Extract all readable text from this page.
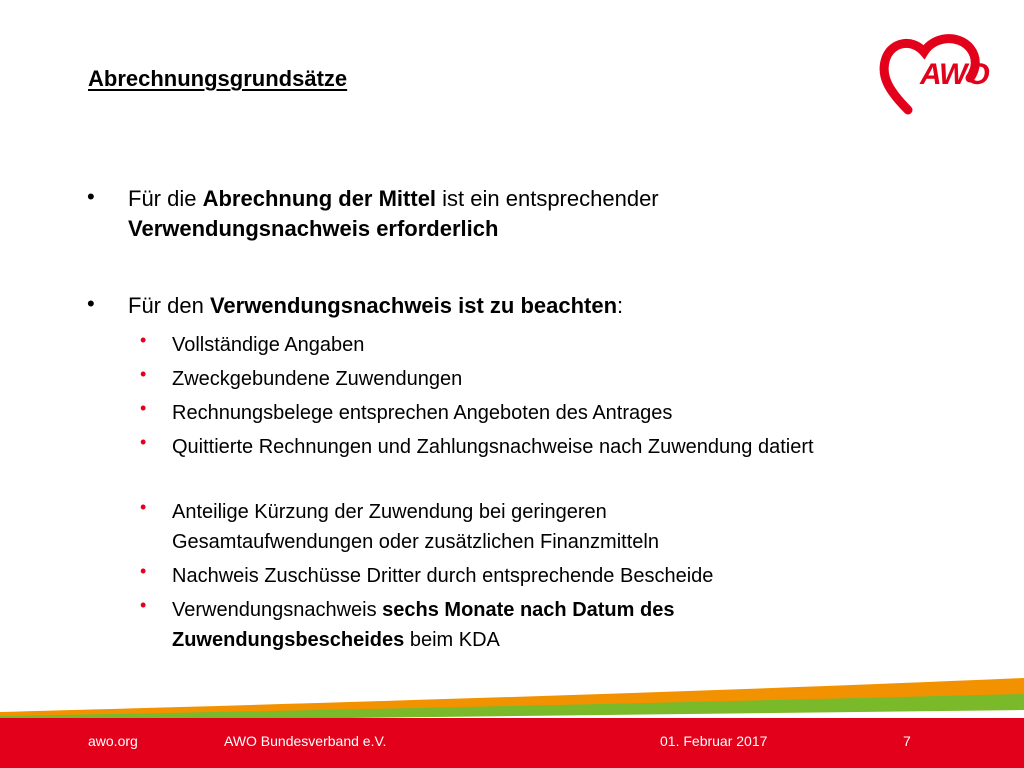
Abrechnungsgrundsätze	AWO
• Für die Abrechnung der Mittel ist ein entsprechender
Verwendungsnachweis erforderlich
• Für den Verwendungsnachweis ist zu beachten:
• Vollständige Angaben
• Zweckgebundene Zuwendungen
• Rechnungsbelege entsprechen Angeboten des Antrages
• Quittierte Rechnungen und Zahlungsnachweise nach Zuwendung datiert
• Anteilige Kürzung der Zuwendung bei geringeren Gesamtaufwendungen oder zusätzlichen Finanzmitteln
• Nachweis Zuschüsse Dritter durch entsprechende Bescheide
• Verwendungsnachweis sechs Monate nach Datum des Zuwendungsbescheides beim KDA
awo.org	AWO Bundesverband e.V.	01. Februar 2017	7
